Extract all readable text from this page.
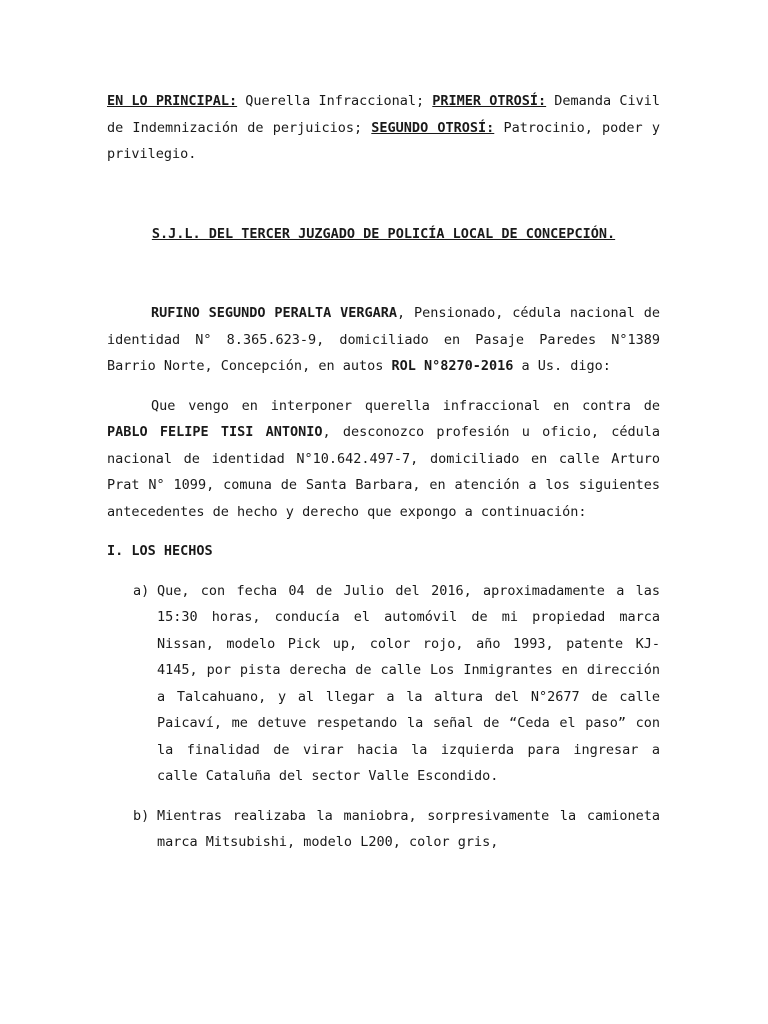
EN LO PRINCIPAL: Querella Infraccional; PRIMER OTROSÍ: Demanda Civil de Indemnización de perjuicios; SEGUNDO OTROSÍ: Patrocinio, poder y privilegio.

S.J.L. DEL TERCER JUZGADO DE POLICÍA LOCAL DE CONCEPCIÓN.

RUFINO SEGUNDO PERALTA VERGARA, Pensionado, cédula nacional de identidad N° 8.365.623-9, domiciliado en Pasaje Paredes N°1389 Barrio Norte, Concepción, en autos ROL N°8270-2016 a Us. digo:

Que vengo en interponer querella infraccional en contra de PABLO FELIPE TISI ANTONIO, desconozco profesión u oficio, cédula nacional de identidad N°10.642.497-7, domiciliado en calle Arturo Prat N° 1099, comuna de Santa Barbara, en atención a los siguientes antecedentes de hecho y derecho que expongo a continuación:

I. LOS HECHOS

a) Que, con fecha 04 de Julio del 2016, aproximadamente a las 15:30 horas, conducía el automóvil de mi propiedad marca Nissan, modelo Pick up, color rojo, año 1993, patente KJ-4145, por pista derecha de calle Los Inmigrantes en dirección a Talcahuano, y al llegar a la altura del N°2677 de calle Paicaví, me detuve respetando la señal de “Ceda el paso” con la finalidad de virar hacia la izquierda para ingresar a calle Cataluña del sector Valle Escondido.
b) Mientras realizaba la maniobra, sorpresivamente la camioneta marca Mitsubishi, modelo L200, color gris,
